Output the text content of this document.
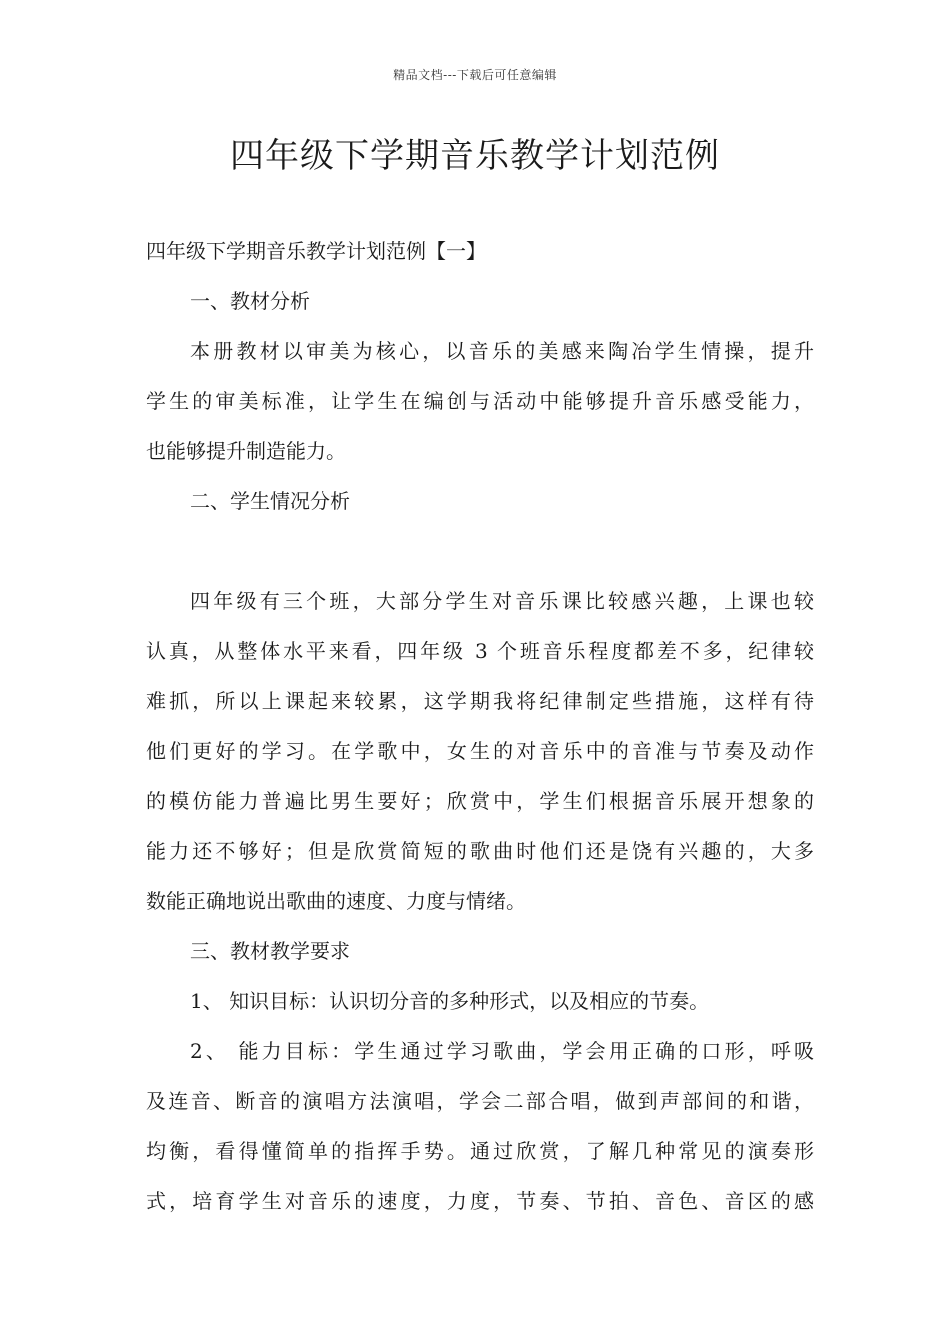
精品文档---下载后可任意编辑
四年级下学期音乐教学计划范例
四年级下学期音乐教学计划范例【一】
一、教材分析
本册教材以审美为核心，以音乐的美感来陶冶学生情操，提升
学生的审美标准，让学生在编创与活动中能够提升音乐感受能力，
也能够提升制造能力。
二、学生情况分析
四年级有三个班，大部分学生对音乐课比较感兴趣，上课也较
认真，从整体水平来看，四年级 3 个班音乐程度都差不多，纪律较
难抓，所以上课起来较累，这学期我将纪律制定些措施，这样有待
他们更好的学习。在学歌中，女生的对音乐中的音准与节奏及动作
的模仿能力普遍比男生要好；欣赏中，学生们根据音乐展开想象的
能力还不够好；但是欣赏简短的歌曲时他们还是饶有兴趣的，大多
数能正确地说出歌曲的速度、力度与情绪。
三、教材教学要求
1、 知识目标：认识切分音的多种形式，以及相应的节奏。
2、 能力目标：学生通过学习歌曲，学会用正确的口形，呼吸
及连音、断音的演唱方法演唱，学会二部合唱，做到声部间的和谐，
均衡，看得懂简单的指挥手势。通过欣赏，了解几种常见的演奏形
式，培育学生对音乐的速度，力度，节奏、节拍、音色、音区的感
